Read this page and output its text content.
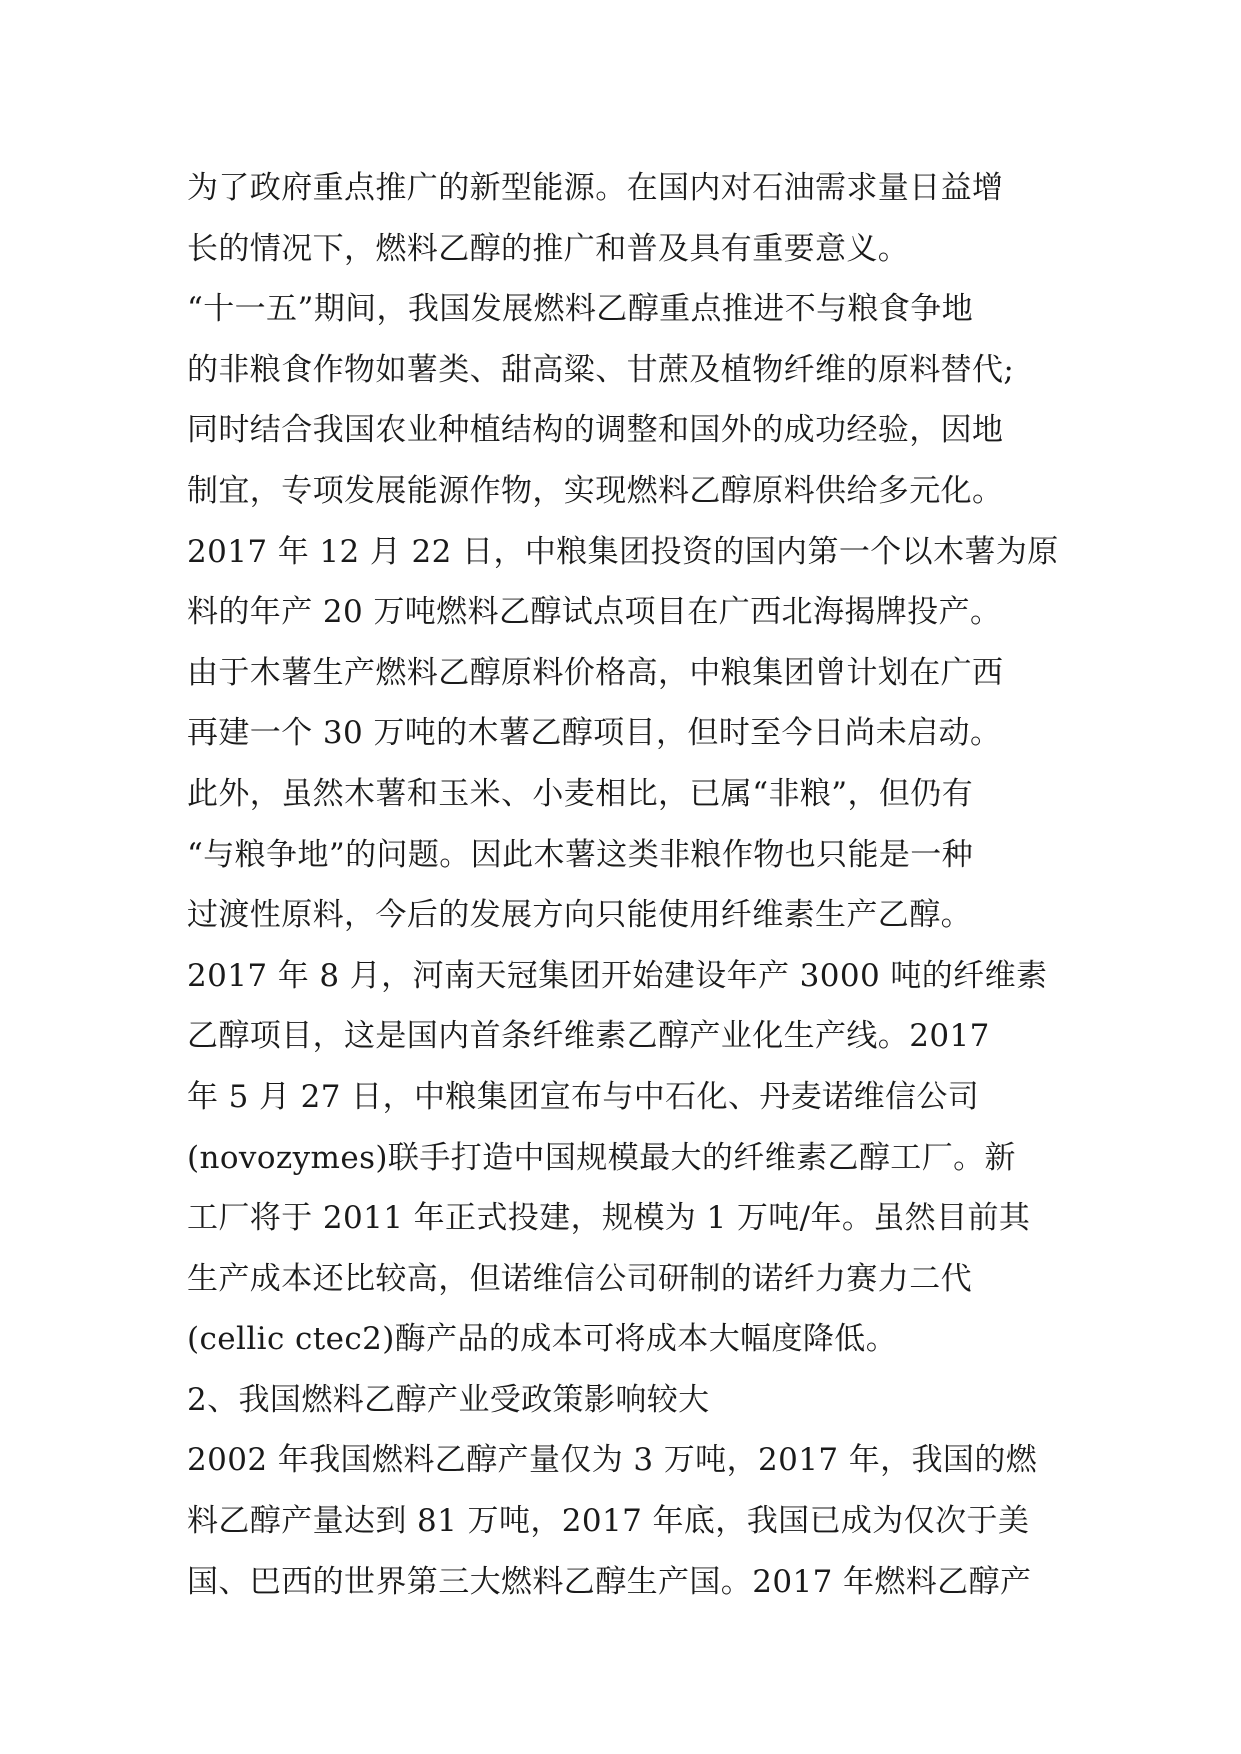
为了政府重点推广的新型能源。在国内对石油需求量日益增
长的情况下，燃料乙醇的推广和普及具有重要意义。
“十一五”期间，我国发展燃料乙醇重点推进不与粮食争地
的非粮食作物如薯类、甜高粱、甘蔗及植物纤维的原料替代;
同时结合我国农业种植结构的调整和国外的成功经验，因地
制宜，专项发展能源作物，实现燃料乙醇原料供给多元化。
2017 年 12 月 22 日，中粮集团投资的国内第一个以木薯为原
料的年产 20 万吨燃料乙醇试点项目在广西北海揭牌投产。
由于木薯生产燃料乙醇原料价格高，中粮集团曾计划在广西
再建一个 30 万吨的木薯乙醇项目，但时至今日尚未启动。
此外，虽然木薯和玉米、小麦相比，已属“非粮”，但仍有
“与粮争地”的问题。因此木薯这类非粮作物也只能是一种
过渡性原料，今后的发展方向只能使用纤维素生产乙醇。
2017 年 8 月，河南天冠集团开始建设年产 3000 吨的纤维素
乙醇项目，这是国内首条纤维素乙醇产业化生产线。2017
年 5 月 27 日，中粮集团宣布与中石化、丹麦诺维信公司
(novozymes)联手打造中国规模最大的纤维素乙醇工厂。新
工厂将于 2011 年正式投建，规模为 1 万吨/年。虽然目前其
生产成本还比较高，但诺维信公司研制的诺纤力赛力二代
(cellic ctec2)酶产品的成本可将成本大幅度降低。
2、我国燃料乙醇产业受政策影响较大
2002 年我国燃料乙醇产量仅为 3 万吨，2017 年，我国的燃
料乙醇产量达到 81 万吨，2017 年底，我国已成为仅次于美
国、巴西的世界第三大燃料乙醇生产国。2017 年燃料乙醇产
